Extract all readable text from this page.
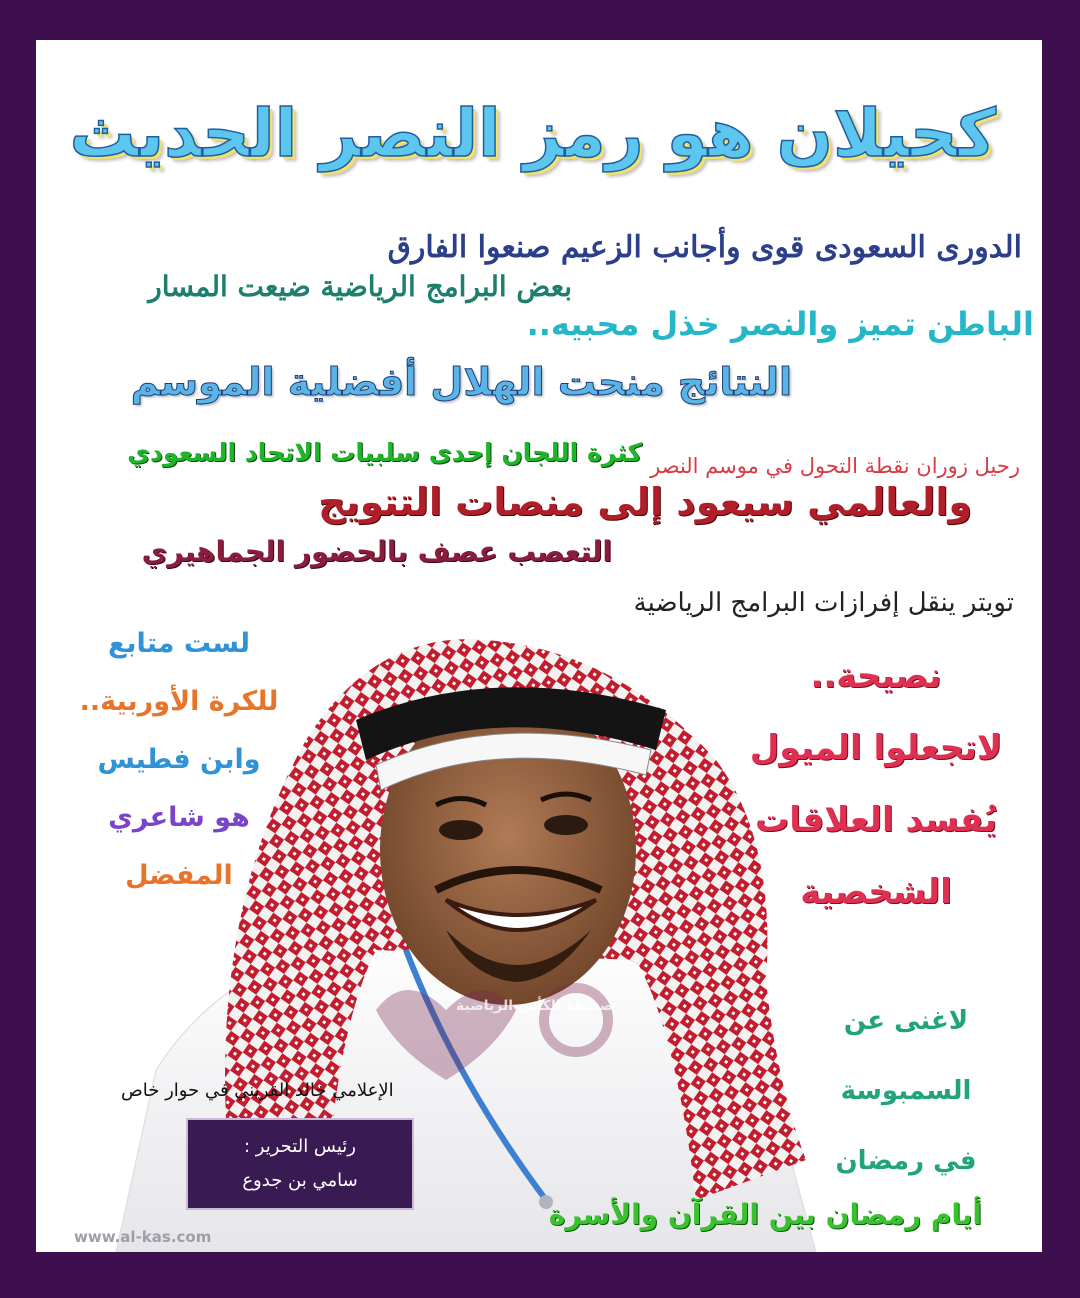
كحيلان هو رمز النصر الحديث

الدورى السعودى قوى وأجانب الزعيم صنعوا الفارق

بعض البرامج الرياضية ضيعت المسار

الباطن تميز والنصر خذل محبيه..

النتائج منحت الهلال أفضلية الموسم

كثرة اللجان إحدى سلبيات الاتحاد السعودي رحيل زوران نقطة التحول في موسم النصر

والعالمي سيعود إلى منصات التتويج

التعصب عصف بالحضور الجماهيري

تويتر ينقل إفرازات البرامج الرياضية

لست متابع

للكرة الأوربية..

وابن فطيس

هو شاعري

المفضل

نصيحة..

لاتجعلوا الميول

يُفسد العلاقات

الشخصية

لاغنى عن

السمبوسة

في رمضان

صحيفة الكأس الرياضية
الإعلامي خالد القريني في حوار خاص
رئيس التحرير :
سامي بن جدوع

أيام رمضان بين القرآن والأسرة

www.al-kas.com
